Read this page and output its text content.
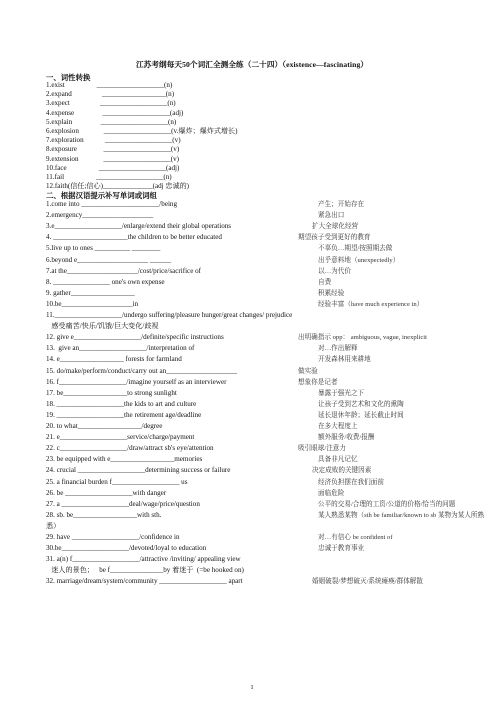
江苏考纲每天50个词汇全测全练（二十四）（existence—fascinating）
一、词性转换
1.exist                  ___________________(n)
2.expand                 __________________(n)
3.expect                 ___________________(n)
4.expense                ___________________(adj)
5.explain                ___________________(n)
6.explosion              ___________________(v.爆炸；爆炸式增长)
7.exploration            ___________________(v)
8.exposure               ___________________(v)
9.extension              ___________________(v)
10.face                  ___________________(adj)
11.fail                  ___________________(n)
12.faith(信任;信心)______________(adj 忠诚的)
二、根据汉语提示补写单词或词组
1.come into ______________________/being	产生；开始存在
2.emergency____________________	紧急出口
3.e___________________/enlarge/extend their global operations	扩大全球化经营
4. _____________________the children to be better educated	期望孩子受到更好的教育
5.live up to ones __________ ________	不辜负…期望/按照期去做
6.beyond e____________________ ______	出乎意料地（unexpectedly）
7.at the____________________/cost/price/sacrifice of	以…为代价
8. ________________ one's own expense	自费
9. gather__________________	积累经验
10.be____________________in	经验丰富（have much experience in）
11.___________________/undergo suffering/pleasure hunger/great changes/ prejudice
感受痛苦/快乐/饥饿/巨大变化/歧视
12. give e___________________/definite/specific instructions	出明确指示 opp： ambiguous, vague, inexplicit
13.  give an___________________/interpretation of	对…作出解释
14. e__________________ forests for farmland	开发森林用来耕地
15. do/make/perform/conduct/carry out an____________________	做实验
16. f___________________/imagine yourself as an interviewer	想象你是记者
17. be__________________to strong sunlight	暴露于强光之下
18. ___________________the kids to art and culture	让孩子受到艺术和文化的熏陶
19. ___________________the retirement age/deadline	延长退休年龄；延长截止时间
20. to what__________________/degree	在多大程度上
21. e___________________service/charge/payment	额外服务/收费/报酬
22. c___________________/draw/attract sb's eye/attention	吸引眼球/注意力
23. be equipped with e__________________memories	具备非凡记忆
24. crucial ___________________determining success or failure	决定成败的关键因素
25. a financial burden f___________________ us	经济负担摆在我们面前
26. be ___________________with danger	面临危险
27. a ___________________deal/wage/price/question	公平的交易/合理的工资/公道的价格/恰当的问题
28. sb. be__________________with sth.	某人熟悉某物（sth be familiar/known to sb 某物为某人所熟
悉）
29. have ___________________/confidence in	对…有信心 be confident of
30.be___________________/devoted/loyal to education	忠诚于教育事业
31. a(n) f___________________/attractive /inviting/ appealing view
迷人的景色；   be f_______________by 着迷于  (=be hooked on)
32. marriage/dream/system/community ___________________ apart	婚姻破裂/梦想破灭/系统瘫痪/群体解散
1
